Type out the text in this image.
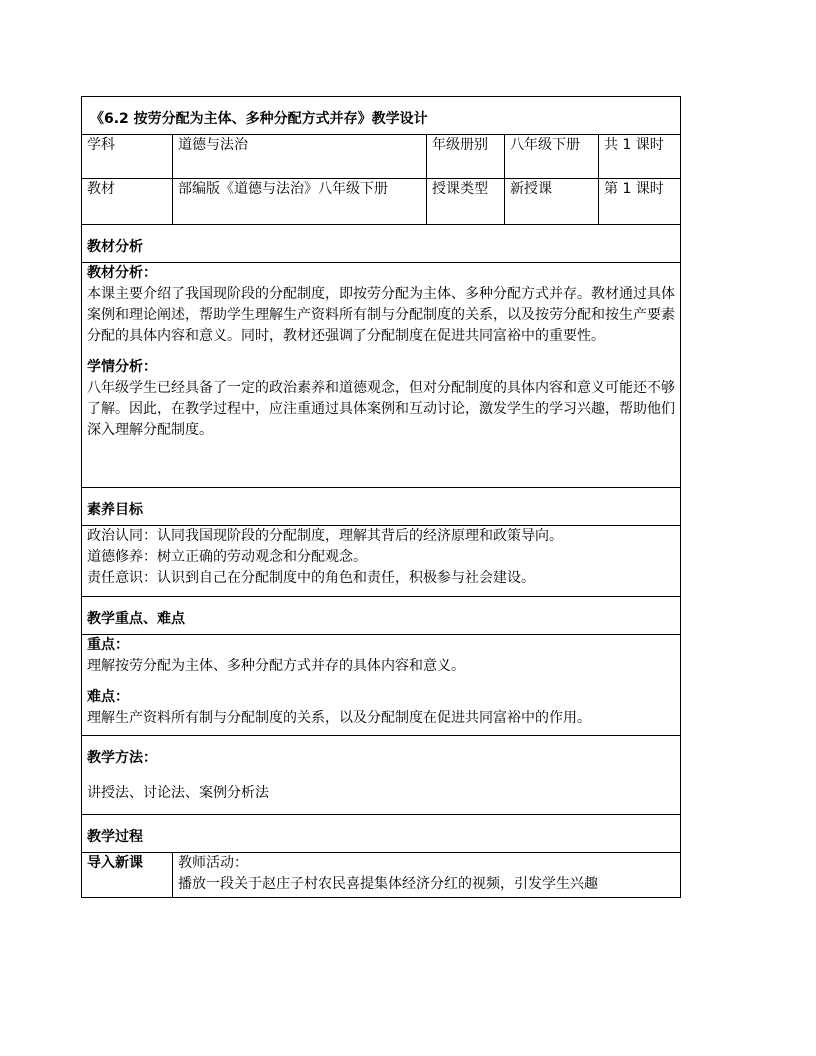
《6.2 按劳分配为主体、多种分配方式并存》教学设计				
学科	道德与法治	年级册别	八年级下册	共 1 课时
教材	部编版《道德与法治》八年级下册	授课类型	新授课	第 1 课时
教材分析				

教材分析：

本课主要介绍了我国现阶段的分配制度，即按劳分配为主体、多种分配方式并存。教材通过具体案例和理论阐述，帮助学生理解生产资料所有制与分配制度的关系，以及按劳分配和按生产要素分配的具体内容和意义。同时，教材还强调了分配制度在促进共同富裕中的重要性。

学情分析：

八年级学生已经具备了一定的政治素养和道德观念，但对分配制度的具体内容和意义可能还不够了解。因此，在教学过程中，应注重通过具体案例和互动讨论，激发学生的学习兴趣，帮助他们深入理解分配制度。				

素养目标				

政治认同：认同我国现阶段的分配制度，理解其背后的经济原理和政策导向。
道德修养：树立正确的劳动观念和分配观念。
责任意识：认识到自己在分配制度中的角色和责任，积极参与社会建设。				

教学重点、难点				

重点：

理解按劳分配为主体、多种分配方式并存的具体内容和意义。

难点：

理解生产资料所有制与分配制度的关系，以及分配制度在促进共同富裕中的作用。				

教学方法：

讲授法、讨论法、案例分析法				

教学过程				
导入新课	教师活动：
播放一段关于赵庄子村农民喜提集体经济分红的视频，引发学生兴趣			
